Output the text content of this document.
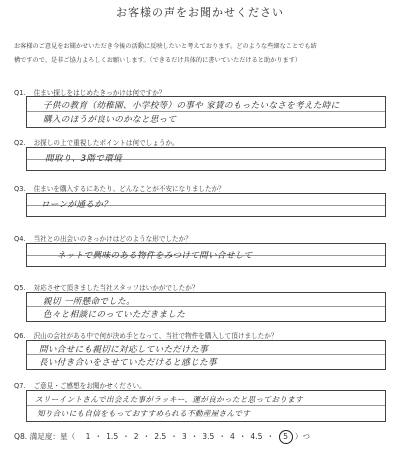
お客様の声をお聞かせください
お客様のご意見をお聞かせいただき今後の活動に反映したいと考えております。どのような些細なことでも結
構ですので、是非ご協力よろしくお願いします。（できるだけ具体的に書いていただけると助かります）
Q1. 住まい探しをはじめたきっかけは何ですか？
子供の教育（幼稚園、小学校等）の事や 家賃のもったいなさを考えた時に
購入のほうが良いのかなと思って
Q2. お探しの上で重視したポイントは何でしょうか。
間取り、3階で環境
Q3. 住まいを購入するにあたり、どんなことが不安になりましたか？
ローンが通るか？
Q4. 当社との出会いのきっかけはどのような形でしたか？
ネットで興味のある物件をみつけて問い合せして
Q5. 対応させて頂きました当社スタッフはいかがでしたか？
親切 一所懸命でした。
色々と相談にのっていただきました
Q6. 沢山の会社がある中で何が決め手となって、当社で物件を購入して頂けましたか？
問い合せにも親切に対応していただけた事
長い付き合いをさせていただけると感じた事
Q7. ご意見・ご感想をお聞かせください。
スリーイントさんで出会えた事がラッキー、運が良かったと思っております
知り合いにも自信をもっておすすめられる不動産屋さんです
Q8. 満足度：星（ 1 ・ 1.5 ・ 2 ・ 2.5 ・ 3 ・ 3.5 ・ 4 ・ 4.5 ・ 5 ）つ
